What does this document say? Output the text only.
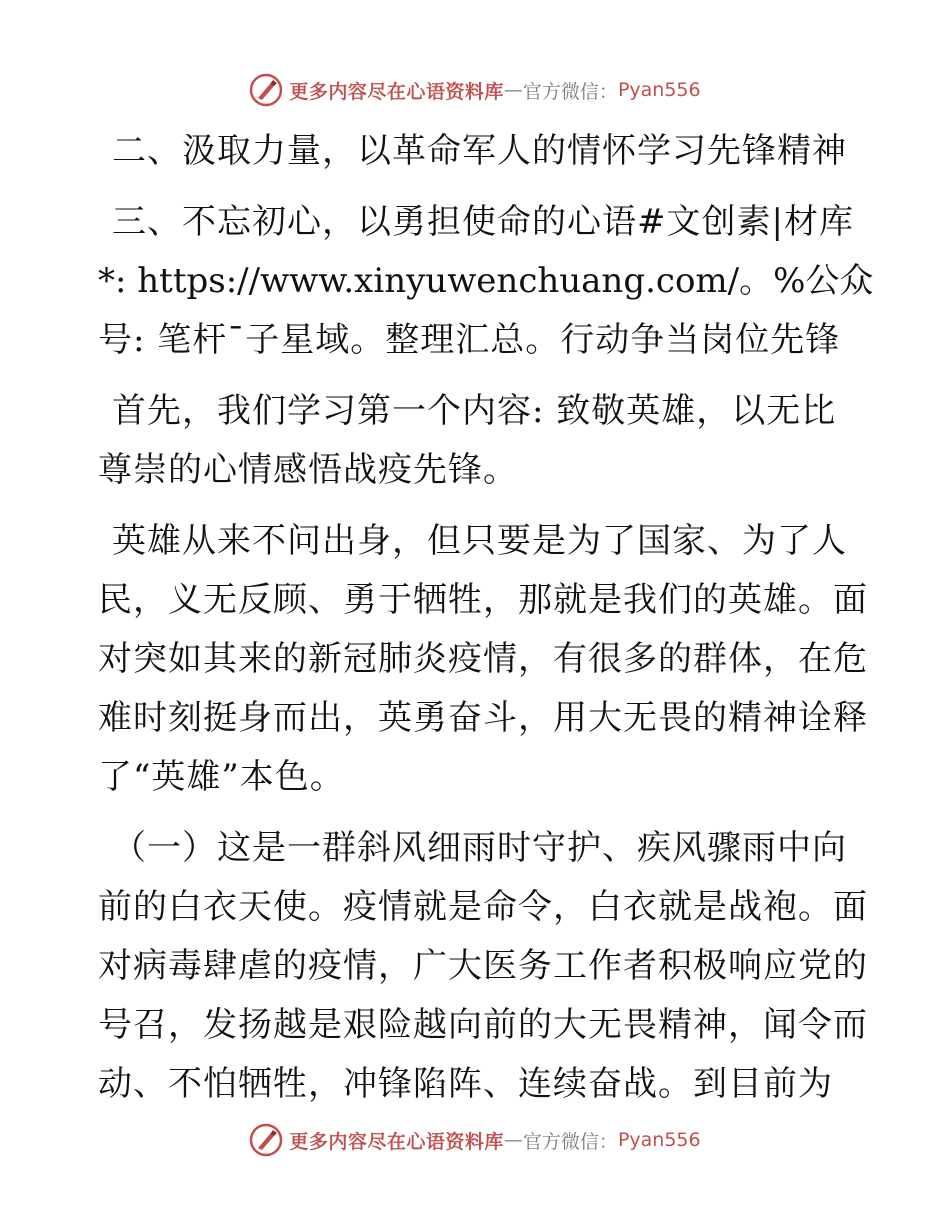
更多内容尽在心语资料库 — 官方微信： Pyan556

二、汲取力量，以革命军人的情怀学习先锋精神

三、不忘初心，以勇担使命的心语#文创素|材库
*: https://www.xinyuwenchuang.com/。%公众
号: 笔杆¯子星域。整理汇总。行动争当岗位先锋

首先，我们学习第一个内容: 致敬英雄，以无比
尊崇的心情感悟战疫先锋。

英雄从来不问出身，但只要是为了国家、为了人
民，义无反顾、勇于牺牲，那就是我们的英雄。面
对突如其来的新冠肺炎疫情，有很多的群体，在危
难时刻挺身而出，英勇奋斗，用大无畏的精神诠释
了“英雄”本色。

（一）这是一群斜风细雨时守护、疾风骤雨中向
前的白衣天使。疫情就是命令，白衣就是战袍。面
对病毒肆虐的疫情，广大医务工作者积极响应党的
号召，发扬越是艰险越向前的大无畏精神，闻令而
动、不怕牺牲，冲锋陷阵、连续奋战。到目前为

更多内容尽在心语资料库 — 官方微信： Pyan556
